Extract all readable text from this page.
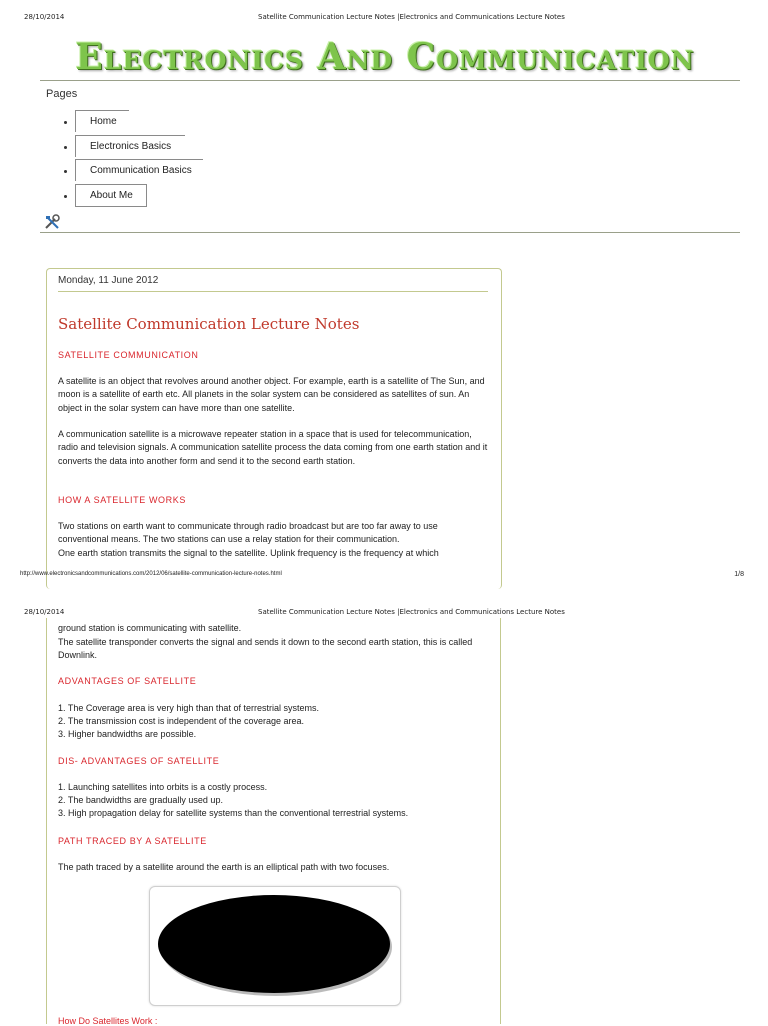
28/10/2014	Satellite Communication Lecture Notes |Electronics and Communications Lecture Notes
Electronics And Communication
Pages
Home
Electronics Basics
Communication Basics
About Me
Monday, 11 June 2012
Satellite Communication Lecture Notes
SATELLITE COMMUNICATION

A satellite is an object that revolves around another object. For example, earth is a satellite of The Sun, and moon is a satellite of earth etc. All planets in the solar system can be considered as satellites of sun. An object in the solar system can have more than one satellite.

A communication satellite is a microwave repeater station in a space that is used for telecommunication, radio and television signals. A communication satellite process the data coming from one earth station and it converts the data into another form and send it to the second earth station.

HOW A SATELLITE WORKS

Two stations on earth want to communicate through radio broadcast but are too far away to use conventional means. The two stations can use a relay station for their communication.

One earth station transmits the signal to the satellite. Uplink frequency is the frequency at which

http://www.electronicsandcommunications.com/2012/06/satellite-communication-lecture-notes.html	1/8
28/10/2014	Satellite Communication Lecture Notes |Electronics and Communications Lecture Notes

ground station is communicating with satellite.

The satellite transponder converts the signal and sends it down to the second earth station, this is called Downlink.

ADVANTAGES OF SATELLITE

1. The Coverage area is very high than that of terrestrial systems.

2. The transmission cost is independent of the coverage area.

3. Higher bandwidths are possible.

DIS- ADVANTAGES OF SATELLITE

1. Launching satellites into orbits is a costly process.

2. The bandwidths are gradually used up.

3. High propagation delay for satellite systems than the conventional terrestrial systems.

PATH TRACED BY A SATELLITE

The path traced by a satellite around the earth is an elliptical path with two focuses.

How Do Satellites Work :
